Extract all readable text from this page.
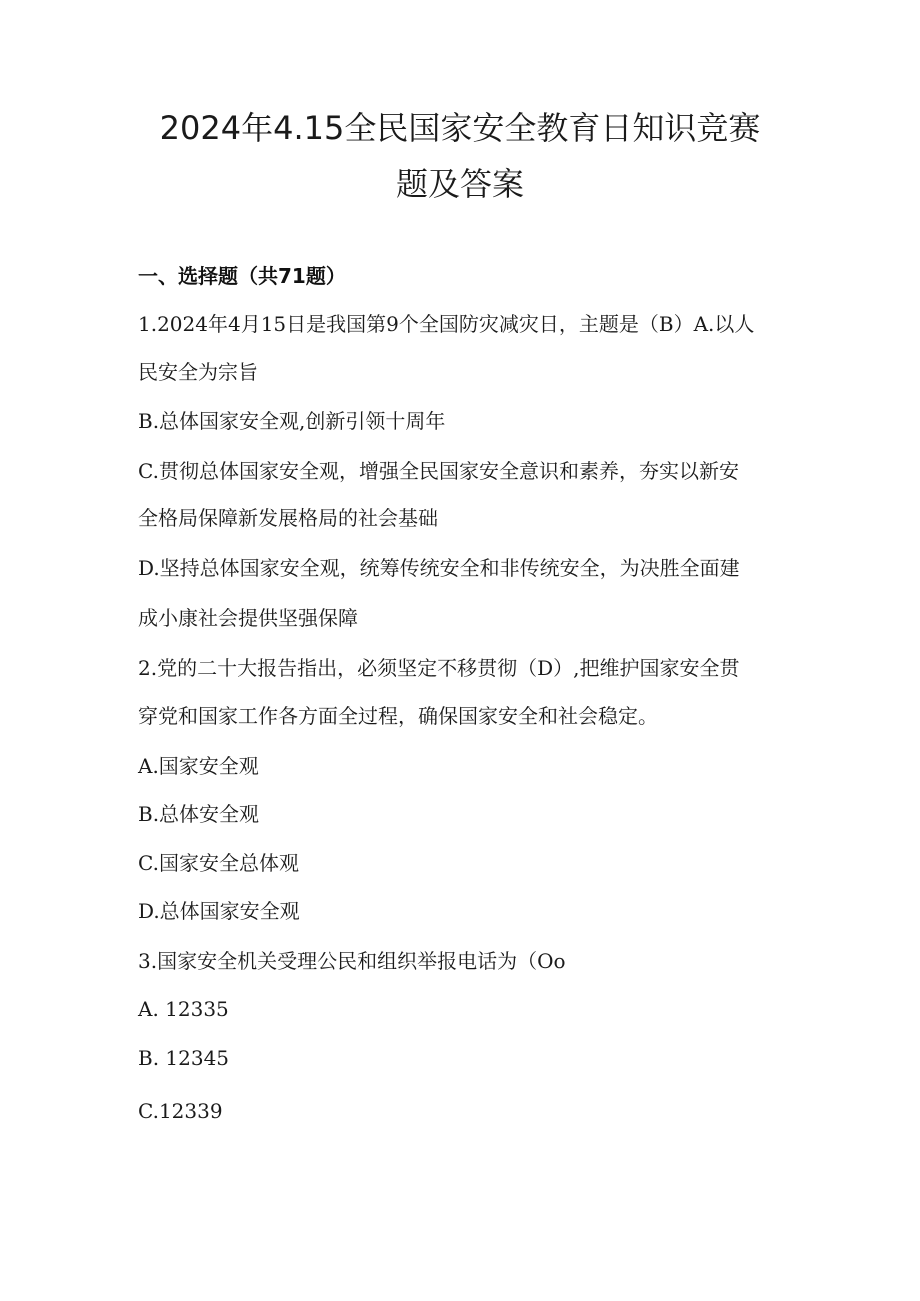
2024年4.15全民国家安全教育日知识竞赛
题及答案
一、选择题（共71题）
1.2024年4月15日是我国第9个全国防灾减灾日，主题是（B）A.以人
民安全为宗旨
B.总体国家安全观,创新引领十周年
C.贯彻总体国家安全观，增强全民国家安全意识和素养，夯实以新安
全格局保障新发展格局的社会基础
D.坚持总体国家安全观，统筹传统安全和非传统安全，为决胜全面建
成小康社会提供坚强保障
2.党的二十大报告指出，必须坚定不移贯彻（D）,把维护国家安全贯
穿党和国家工作各方面全过程，确保国家安全和社会稳定。
A.国家安全观
B.总体安全观
C.国家安全总体观
D.总体国家安全观
3.国家安全机关受理公民和组织举报电话为（Oo
A. 12335
B. 12345
C.12339
